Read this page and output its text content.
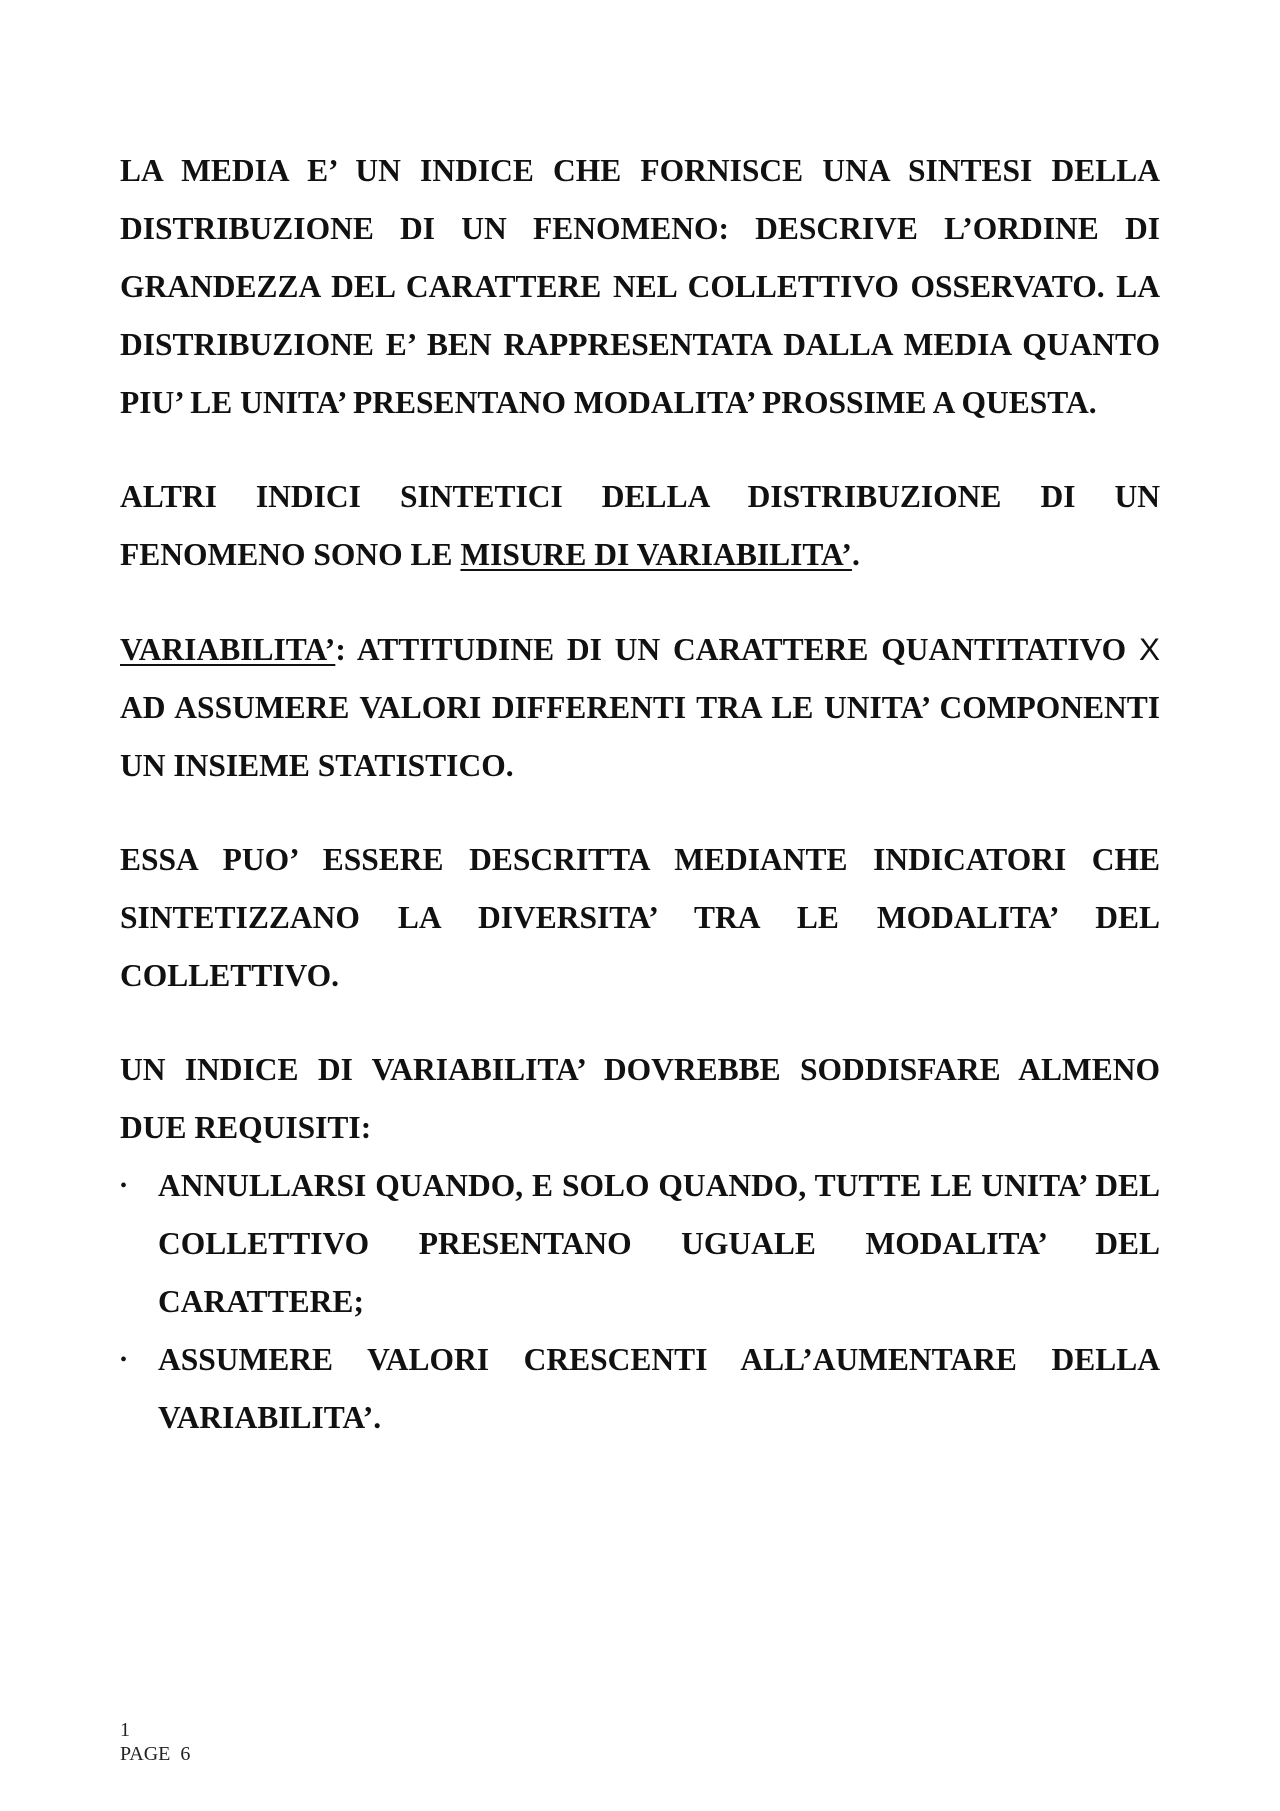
LA MEDIA E’ UN INDICE CHE FORNISCE UNA SINTESI DELLA DISTRIBUZIONE DI UN FENOMENO: DESCRIVE L’ORDINE DI GRANDEZZA DEL CARATTERE NEL COLLETTIVO OSSERVATO. LA DISTRIBUZIONE E’ BEN RAPPRESENTATA DALLA MEDIA QUANTO PIU’ LE UNITA’ PRESENTANO MODALITA’ PROSSIME A QUESTA.

ALTRI INDICI SINTETICI DELLA DISTRIBUZIONE DI UN FENOMENO SONO LE MISURE DI VARIABILITA’.

VARIABILITA’: ATTITUDINE DI UN CARATTERE QUANTITATIVO X AD ASSUMERE VALORI DIFFERENTI TRA LE UNITA’ COMPONENTI UN INSIEME STATISTICO.

ESSA PUO’ ESSERE DESCRITTA MEDIANTE INDICATORI CHE SINTETIZZANO LA DIVERSITA’ TRA LE MODALITA’ DEL COLLETTIVO.

UN INDICE DI VARIABILITA’ DOVREBBE SODDISFARE ALMENO DUE REQUISITI:

• ANNULLARSI QUANDO, E SOLO QUANDO, TUTTE LE UNITA’ DEL COLLETTIVO PRESENTANO UGUALE MODALITA’ DEL CARATTERE;
• ASSUMERE VALORI CRESCENTI ALL’AUMENTARE DELLA VARIABILITA’.
1
PAGE  6
